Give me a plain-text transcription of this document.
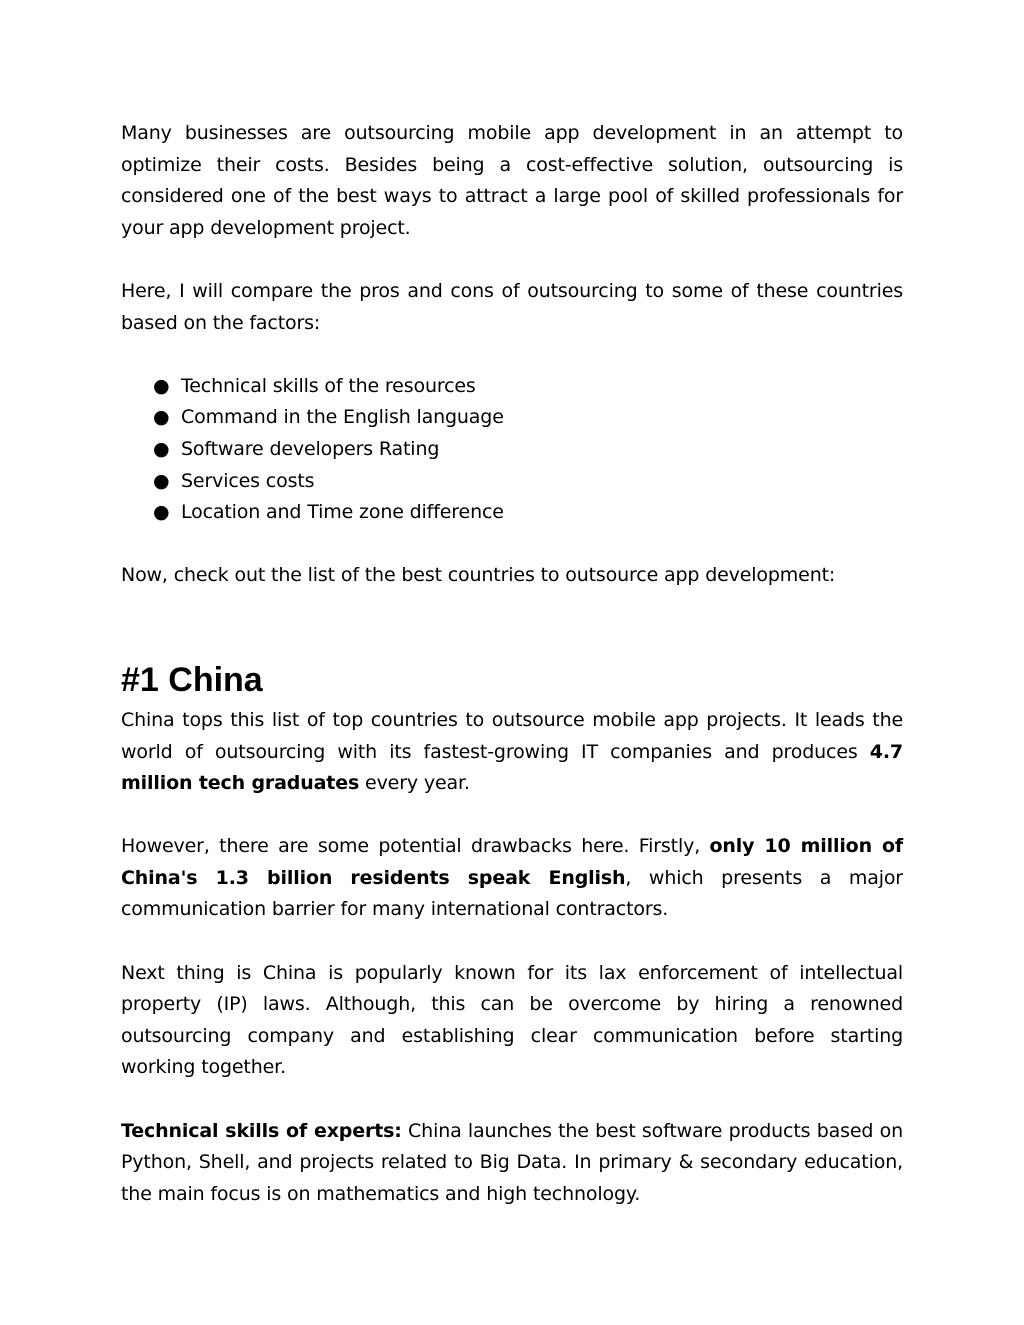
Many businesses are outsourcing mobile app development in an attempt to optimize their costs. Besides being a cost-effective solution, outsourcing is considered one of the best ways to attract a large pool of skilled professionals for your app development project.

Here, I will compare the pros and cons of outsourcing to some of these countries based on the factors:

● Technical skills of the resources
● Command in the English language
● Software developers Rating
● Services costs
● Location and Time zone difference

Now, check out the list of the best countries to outsource app development:

#1 China

China tops this list of top countries to outsource mobile app projects. It leads the world of outsourcing with its fastest-growing IT companies and produces 4.7 million tech graduates every year.

However, there are some potential drawbacks here. Firstly, only 10 million of China's 1.3 billion residents speak English, which presents a major communication barrier for many international contractors.

Next thing is China is popularly known for its lax enforcement of intellectual property (IP) laws. Although, this can be overcome by hiring a renowned outsourcing company and establishing clear communication before starting working together.

Technical skills of experts: China launches the best software products based on Python, Shell, and projects related to Big Data. In primary & secondary education, the main focus is on mathematics and high technology.
